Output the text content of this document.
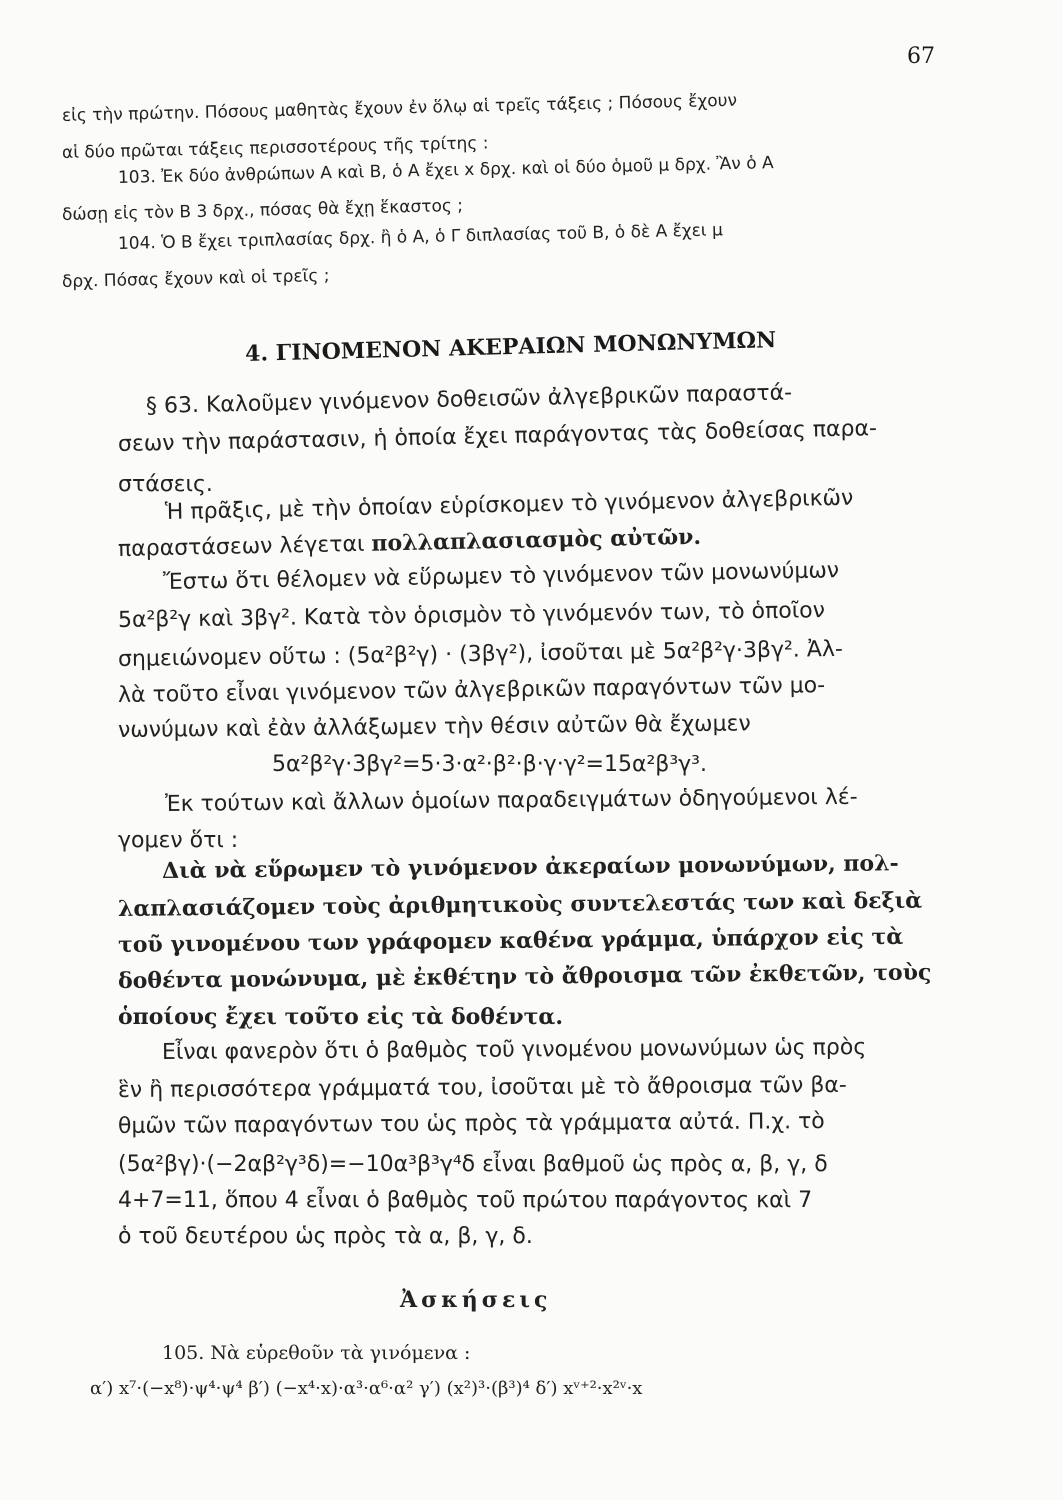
67
εἰς τὴν πρώτην. Πόσους μαθητὰς ἔχουν ἐν ὅλῳ αἱ τρεῖς τάξεις ; Πόσους ἔχουν
αἱ δύο πρῶται τάξεις περισσοτέρους τῆς τρίτης :
103. Ἐκ δύο ἀνθρώπων Α καὶ Β, ὁ Α ἔχει x δρχ. καὶ οἱ δύο ὁμοῦ μ δρχ. Ἂν ὁ Α
δώσῃ εἰς τὸν Β 3 δρχ., πόσας θὰ ἔχῃ ἕκαστος ;
104. Ὁ Β ἔχει τριπλασίας δρχ. ἢ ὁ Α, ὁ Γ διπλασίας τοῦ Β, ὁ δὲ Α ἔχει μ
δρχ. Πόσας ἔχουν καὶ οἱ τρεῖς ;
4. ΓΙΝΟΜΕΝΟΝ ΑΚΕΡΑΙΩΝ ΜΟΝΩΝΥΜΩΝ
§ 63. Καλοῦμεν γινόμενον δοθεισῶν ἀλγεβρικῶν παραστά-
σεων τὴν παράστασιν, ἡ ὁποία ἔχει παράγοντας τὰς δοθείσας παρα-
στάσεις.
Ἡ πρᾶξις, μὲ τὴν ὁποίαν εὑρίσκομεν τὸ γινόμενον ἀλγεβρικῶν
παραστάσεων λέγεται πολλαπλασιασμὸς αὐτῶν.
Ἔστω ὅτι θέλομεν νὰ εὕρωμεν τὸ γινόμενον τῶν μονωνύμων
5α²β²γ καὶ 3βγ². Κατὰ τὸν ὁρισμὸν τὸ γινόμενόν των, τὸ ὁποῖον
σημειώνομεν οὕτω : (5α²β²γ) · (3βγ²), ἰσοῦται μὲ 5α²β²γ·3βγ². Ἀλ-
λὰ τοῦτο εἶναι γινόμενον τῶν ἀλγεβρικῶν παραγόντων τῶν μο-
νωνύμων καὶ ἐὰν ἀλλάξωμεν τὴν θέσιν αὐτῶν θὰ ἔχωμεν
5α²β²γ·3βγ²=5·3·α²·β²·β·γ·γ²=15α²β³γ³.
Ἐκ τούτων καὶ ἄλλων ὁμοίων παραδειγμάτων ὁδηγούμενοι λέ-
γομεν ὅτι :
Διὰ νὰ εὕρωμεν τὸ γινόμενον ἀκεραίων μονωνύμων, πολ-
λαπλασιάζομεν τοὺς ἀριθμητικοὺς συντελεστάς των καὶ δεξιὰ
τοῦ γινομένου των γράφομεν καθένα γράμμα, ὑπάρχον εἰς τὰ
δοθέντα μονώνυμα, μὲ ἐκθέτην τὸ ἄθροισμα τῶν ἐκθετῶν, τοὺς
ὁποίους ἔχει τοῦτο εἰς τὰ δοθέντα.
Εἶναι φανερὸν ὅτι ὁ βαθμὸς τοῦ γινομένου μονωνύμων ὡς πρὸς
ἓν ἢ περισσότερα γράμματά του, ἰσοῦται μὲ τὸ ἄθροισμα τῶν βα-
θμῶν τῶν παραγόντων του ὡς πρὸς τὰ γράμματα αὐτά. Π.χ. τὸ
(5α²βγ)·(−2αβ²γ³δ)=−10α³β³γ⁴δ εἶναι βαθμοῦ ὡς πρὸς α, β, γ, δ
4+7=11, ὅπου 4 εἶναι ὁ βαθμὸς τοῦ πρώτου παράγοντος καὶ 7
ὁ τοῦ δευτέρου ὡς πρὸς τὰ α, β, γ, δ.
Ἀσκήσεις
105. Νὰ εὑρεθοῦν τὰ γινόμενα :
α′) x⁷·(−x⁸)·ψ⁴·ψ⁴ β′) (−x⁴·x)·α³·α⁶·α² γ′) (x²)³·(β³)⁴ δ′) xᵛ⁺²·x²ᵛ·x
